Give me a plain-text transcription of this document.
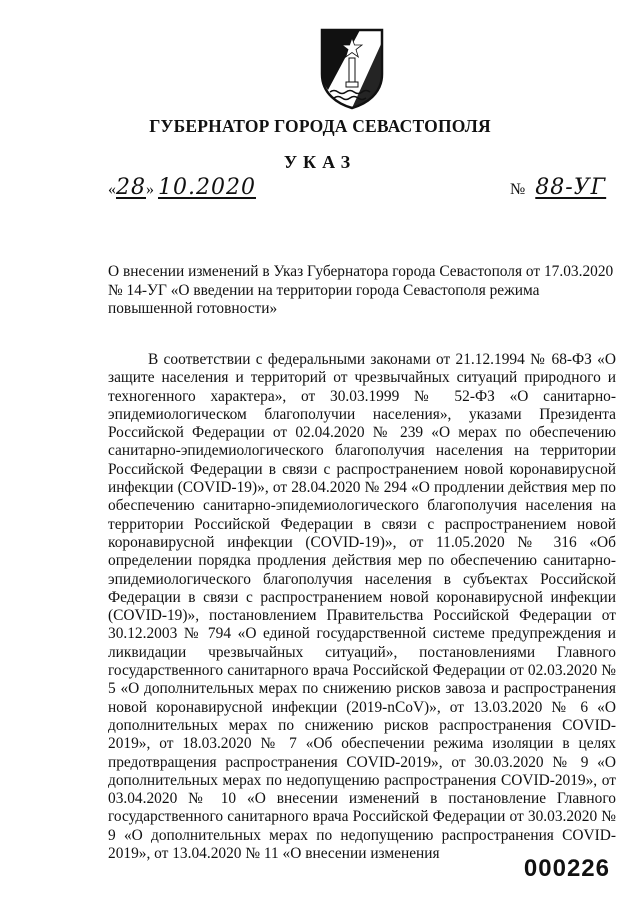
ГУБЕРНАТОР ГОРОДА СЕВАСТОПОЛЯ
УКАЗ
«28» 10.2020	№ 88-УГ
О внесении изменений в Указ Губернатора города Севастополя от 17.03.2020 № 14-УГ «О введении на территории города Севастополя режима повышенной готовности»
В соответствии с федеральными законами от 21.12.1994 № 68-ФЗ «О защите населения и территорий от чрезвычайных ситуаций природного и техногенного характера», от 30.03.1999 № 52-ФЗ «О санитарно-эпидемиологическом благополучии населения», указами Президента Российской Федерации от 02.04.2020 № 239 «О мерах по обеспечению санитарно-эпидемиологического благополучия населения на территории Российской Федерации в связи с распространением новой коронавирусной инфекции (COVID-19)», от 28.04.2020 № 294 «О продлении действия мер по обеспечению санитарно-эпидемиологического благополучия населения на территории Российской Федерации в связи с распространением новой коронавирусной инфекции (COVID-19)», от 11.05.2020 № 316 «Об определении порядка продления действия мер по обеспечению санитарно-эпидемиологического благополучия населения в субъектах Российской Федерации в связи с распространением новой коронавирусной инфекции (COVID-19)», постановлением Правительства Российской Федерации от 30.12.2003 № 794 «О единой государственной системе предупреждения и ликвидации чрезвычайных ситуаций», постановлениями Главного государственного санитарного врача Российской Федерации от 02.03.2020 № 5 «О дополнительных мерах по снижению рисков завоза и распространения новой коронавирусной инфекции (2019-nCoV)», от 13.03.2020 № 6 «О дополнительных мерах по снижению рисков распространения COVID-2019», от 18.03.2020 № 7 «Об обеспечении режима изоляции в целях предотвращения распространения COVID-2019», от 30.03.2020 № 9 «О дополнительных мерах по недопущению распространения COVID-2019», от 03.04.2020 № 10 «О внесении изменений в постановление Главного государственного санитарного врача Российской Федерации от 30.03.2020 № 9 «О дополнительных мерах по недопущению распространения COVID-2019», от 13.04.2020 № 11 «О внесении изменения
000226
